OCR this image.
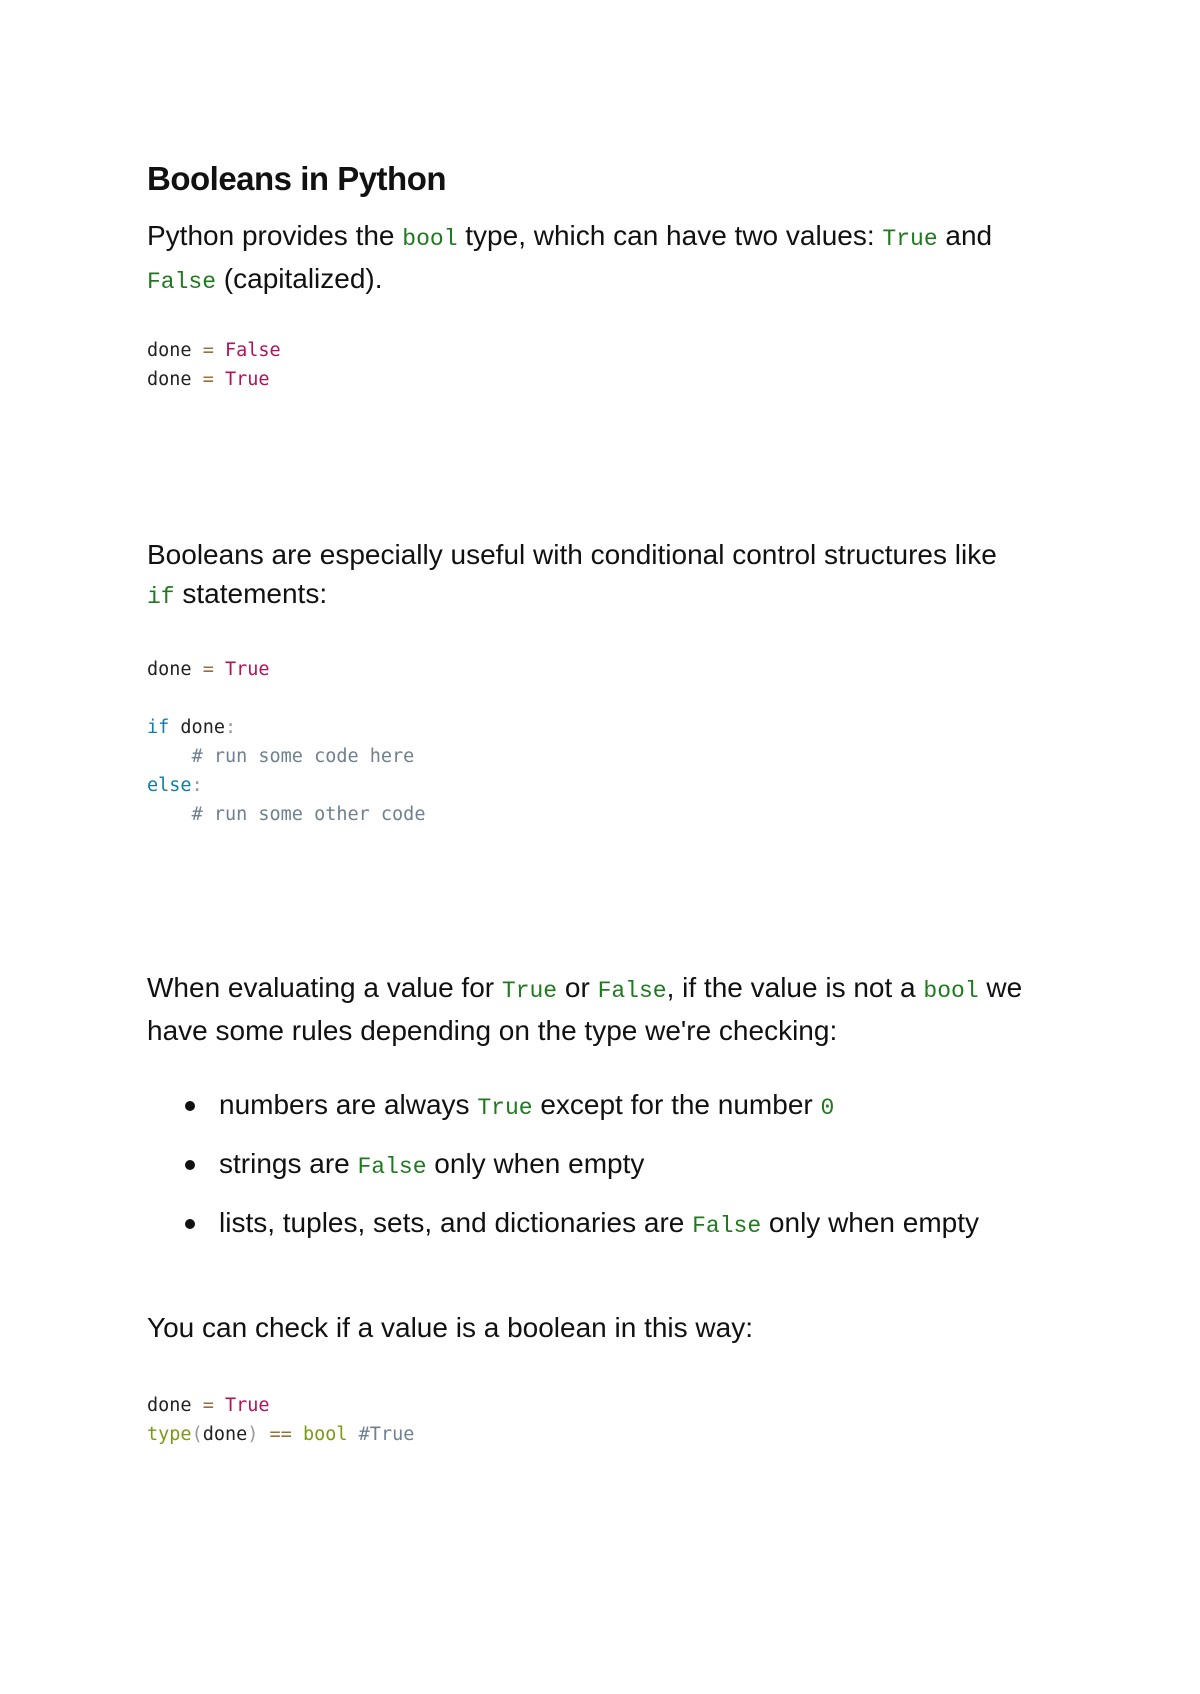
Booleans in Python

Python provides the bool type, which can have two values: True and
False (capitalized).

done = False
done = True

Booleans are especially useful with conditional control structures like
if statements:

done = True

if done:
# run some code here
else:
# run some other code

When evaluating a value for True or False, if the value is not a bool we
have some rules depending on the type we're checking:

numbers are always True except for the number 0
strings are False only when empty
lists, tuples, sets, and dictionaries are False only when empty

You can check if a value is a boolean in this way:

done = True
type(done) == bool #True
